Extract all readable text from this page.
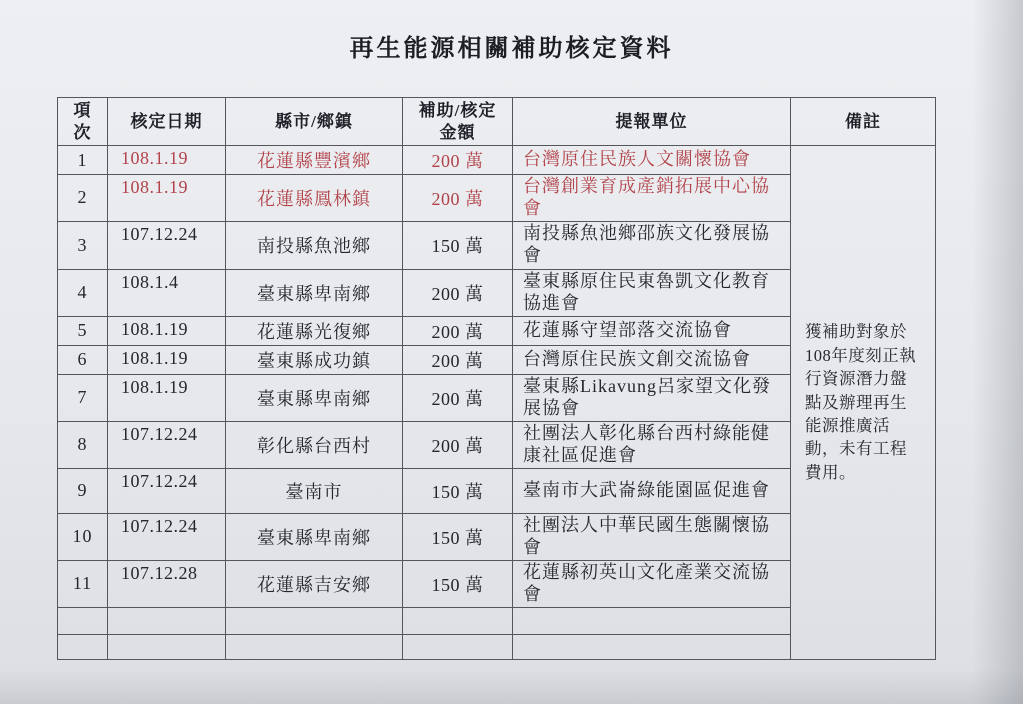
再生能源相關補助核定資料
項次	核定日期	縣市/鄉鎮	補助/核定金額	提報單位	備註
1	108.1.19	花蓮縣豐濱鄉	200 萬	台灣原住民族人文關懷協會	獲補助對象於108年度刻正執行資源潛力盤點及辦理再生能源推廣活動，未有工程費用。
2	108.1.19	花蓮縣鳳林鎮	200 萬	台灣創業育成產銷拓展中心協會	
3	107.12.24	南投縣魚池鄉	150 萬	南投縣魚池鄉邵族文化發展協會	
4	108.1.4	臺東縣卑南鄉	200 萬	臺東縣原住民東魯凱文化教育協進會	
5	108.1.19	花蓮縣光復鄉	200 萬	花蓮縣守望部落交流協會	
6	108.1.19	臺東縣成功鎮	200 萬	台灣原住民族文創交流協會	
7	108.1.19	臺東縣卑南鄉	200 萬	臺東縣Likavung呂家望文化發展協會	
8	107.12.24	彰化縣台西村	200 萬	社團法人彰化縣台西村綠能健康社區促進會	
9	107.12.24	臺南市	150 萬	臺南市大武崙綠能園區促進會	
10	107.12.24	臺東縣卑南鄉	150 萬	社團法人中華民國生態關懷協會	
11	107.12.28	花蓮縣吉安鄉	150 萬	花蓮縣初英山文化產業交流協會	
